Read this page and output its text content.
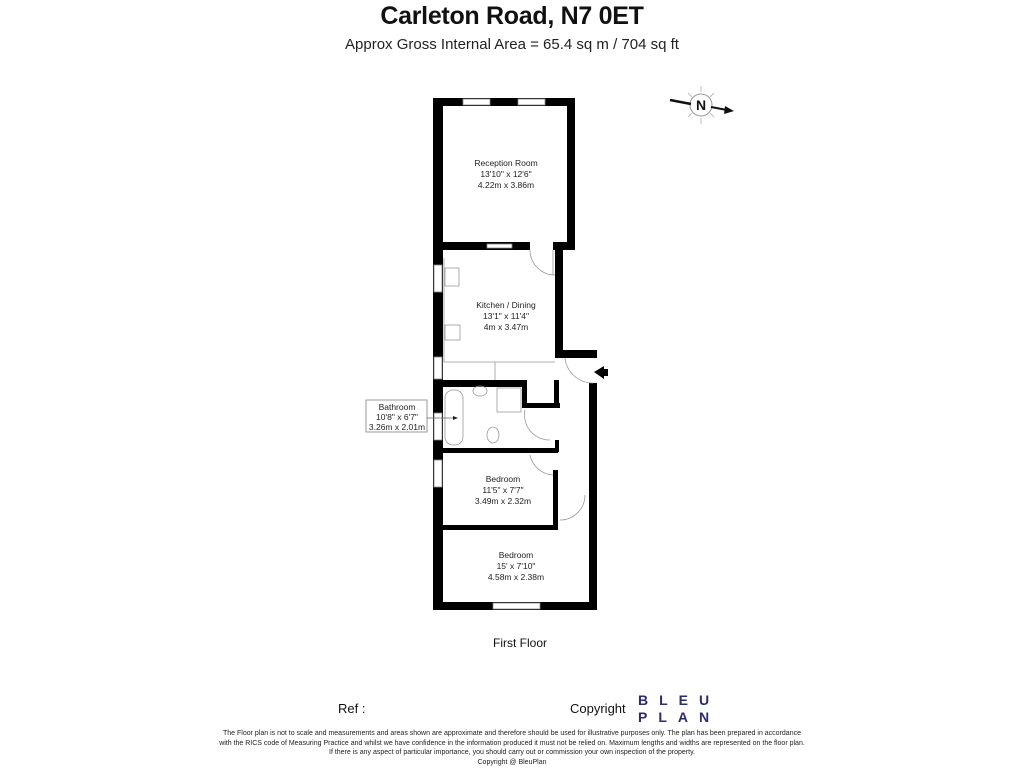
Carleton Road, N7 0ET
Approx Gross Internal Area = 65.4 sq m / 704 sq ft
N
Reception Room
13'10" x 12'6"
4.22m x 3.86m
Kitchen / Dining
13'1" x 11'4"
4m x 3.47m
Bathroom
10'8" x 6'7"
3.26m x 2.01m
Bedroom
11'5" x 7'7"
3.49m x 2.32m
Bedroom
15' x 7'10"
4.58m x 2.38m
First Floor
Ref :	Copyright
BLEU
PLAN
The Floor plan is not to scale and measurements and areas shown are approximate and therefore should be used for illustrative purposes only. The plan has been prepared in accordance
with the RICS code of Measuring Practice and whilst we have confidence in the information produced it must not be relied on. Maximum lengths and widths are represented on the floor plan.
If there is any aspect of particular importance, you should carry out or commission your own inspection of the property.
Copyright @ BleuPlan
